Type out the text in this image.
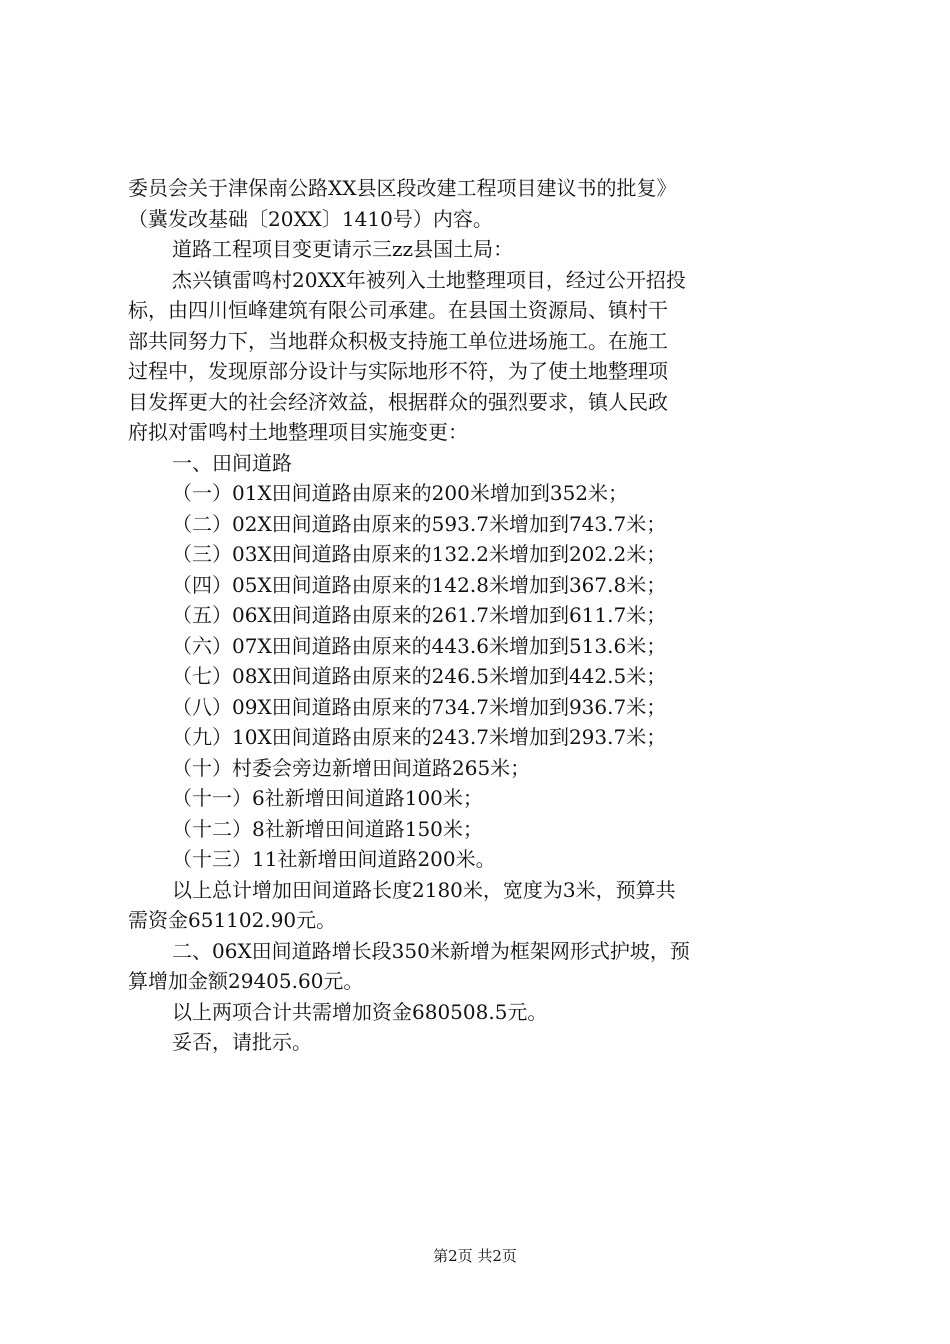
委员会关于津保南公路XX县区段改建工程项目建议书的批复》
（冀发改基础〔20XX〕1410号）内容。
道路工程项目变更请示三zz县国土局：
杰兴镇雷鸣村20XX年被列入土地整理项目，经过公开招投
标，由四川恒峰建筑有限公司承建。在县国土资源局、镇村干
部共同努力下，当地群众积极支持施工单位进场施工。在施工
过程中，发现原部分设计与实际地形不符，为了使土地整理项
目发挥更大的社会经济效益，根据群众的强烈要求，镇人民政
府拟对雷鸣村土地整理项目实施变更：
一、田间道路
（一）01X田间道路由原来的200米增加到352米；
（二）02X田间道路由原来的593.7米增加到743.7米；
（三）03X田间道路由原来的132.2米增加到202.2米；
（四）05X田间道路由原来的142.8米增加到367.8米；
（五）06X田间道路由原来的261.7米增加到611.7米；
（六）07X田间道路由原来的443.6米增加到513.6米；
（七）08X田间道路由原来的246.5米增加到442.5米；
（八）09X田间道路由原来的734.7米增加到936.7米；
（九）10X田间道路由原来的243.7米增加到293.7米；
（十）村委会旁边新增田间道路265米；
（十一）6社新增田间道路100米；
（十二）8社新增田间道路150米；
（十三）11社新增田间道路200米。
以上总计增加田间道路长度2180米，宽度为3米，预算共
需资金651102.90元。
二、06X田间道路增长段350米新增为框架网形式护坡，预
算增加金额29405.60元。
以上两项合计共需增加资金680508.5元。
妥否，请批示。
第2页 共2页
